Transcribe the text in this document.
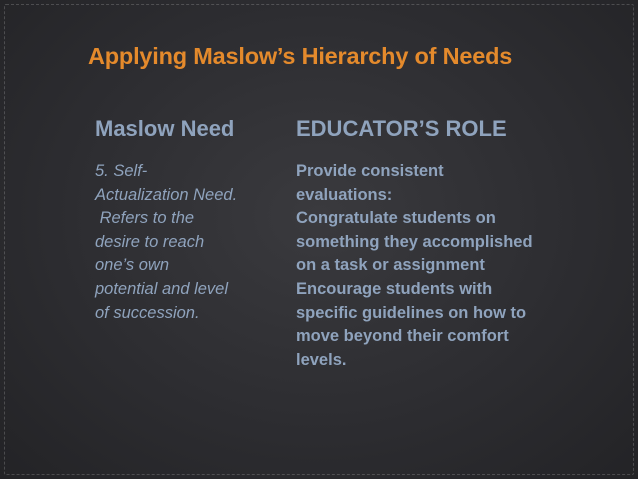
Applying Maslow’s Hierarchy of Needs
Maslow Need	EDUCATOR’S ROLE
5. Self-
Actualization Need.
Refers to the
desire to reach
one’s own
potential and level
of succession.
Provide consistent
evaluations:
Congratulate students on
something they accomplished
on a task or assignment
Encourage students with
specific guidelines on how to
move beyond their comfort
levels.
